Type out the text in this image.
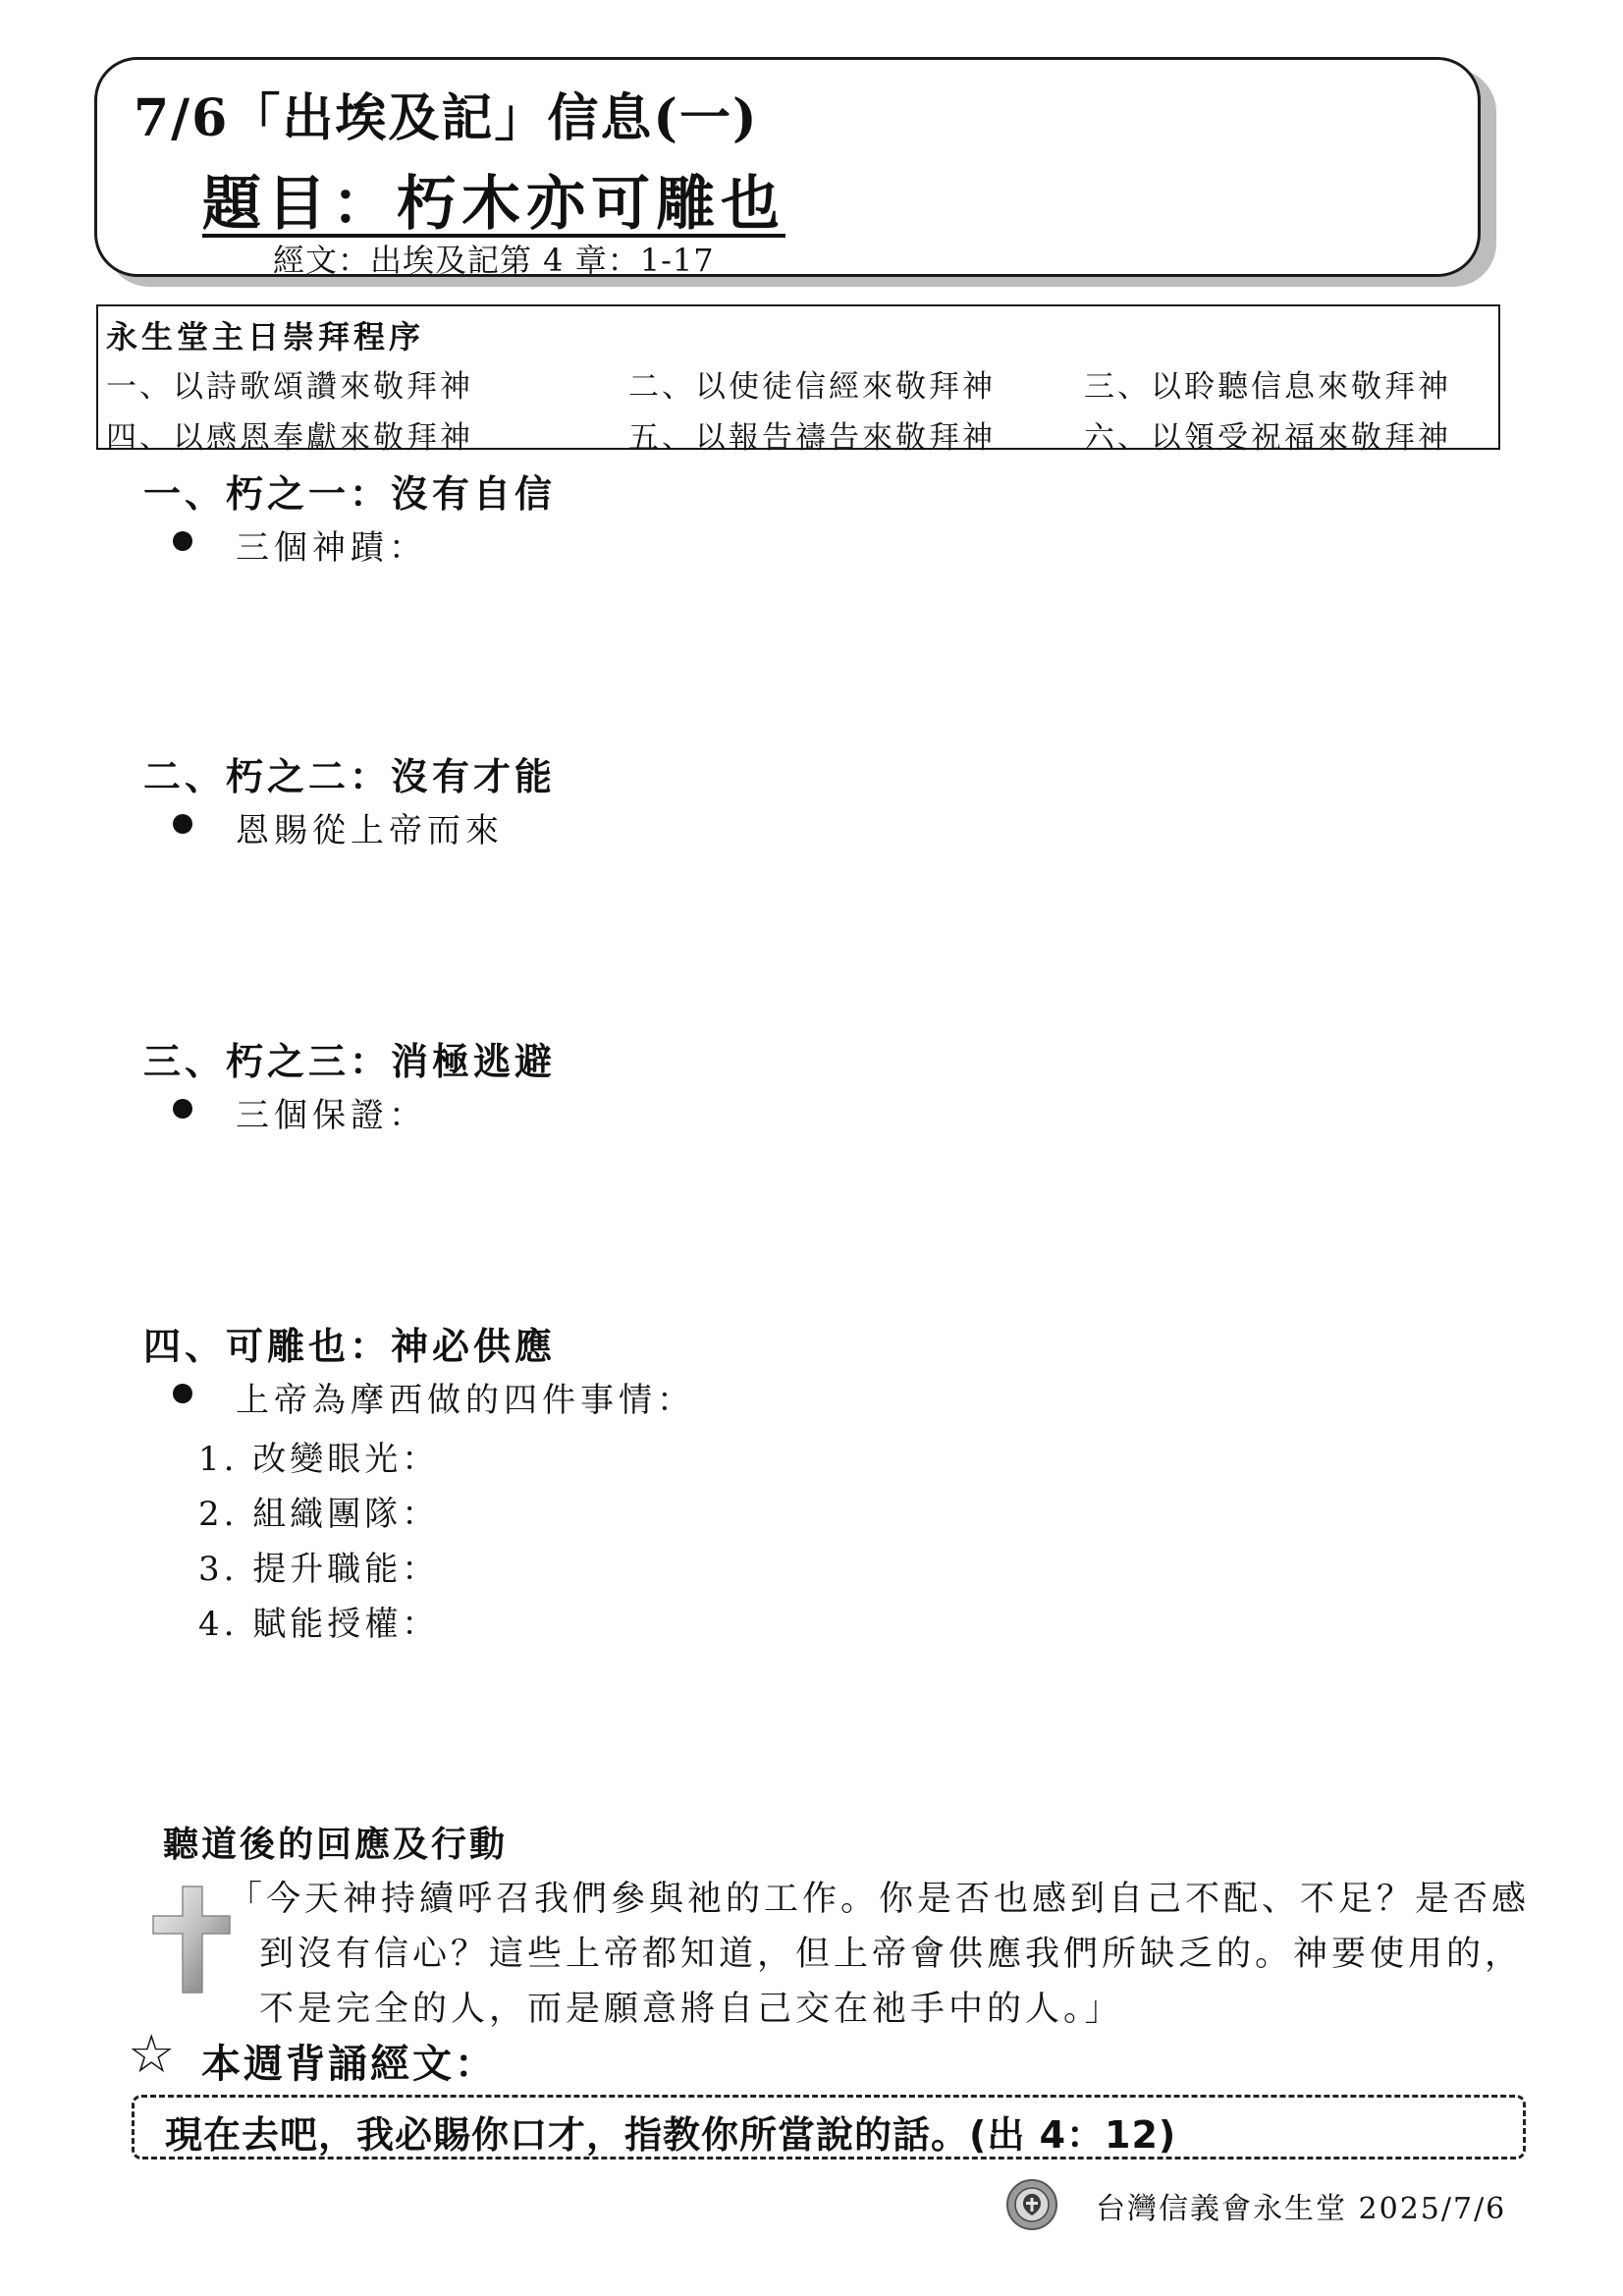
7/6「出埃及記」信息(一)
題目：朽木亦可雕也
經文：出埃及記第 4 章：1-17
永生堂主日崇拜程序
一、以詩歌頌讚來敬拜神	二、以使徒信經來敬拜神	三、以聆聽信息來敬拜神
四、以感恩奉獻來敬拜神	五、以報告禱告來敬拜神	六、以領受祝福來敬拜神
一、朽之一：沒有自信
三個神蹟：
二、朽之二：沒有才能
恩賜從上帝而來
三、朽之三：消極逃避
三個保證：
四、可雕也：神必供應
上帝為摩西做的四件事情：
1. 改變眼光：
2. 組織團隊：
3. 提升職能：
4. 賦能授權：
聽道後的回應及行動
「今天神持續呼召我們參與祂的工作。你是否也感到自己不配、不足？是否感
到沒有信心？這些上帝都知道，但上帝會供應我們所缺乏的。神要使用的，
不是完全的人，而是願意將自己交在祂手中的人。」
☆ 本週背誦經文：
現在去吧，我必賜你口才，指教你所當說的話。(出 4：12)
台灣信義會永生堂 2025/7/6
